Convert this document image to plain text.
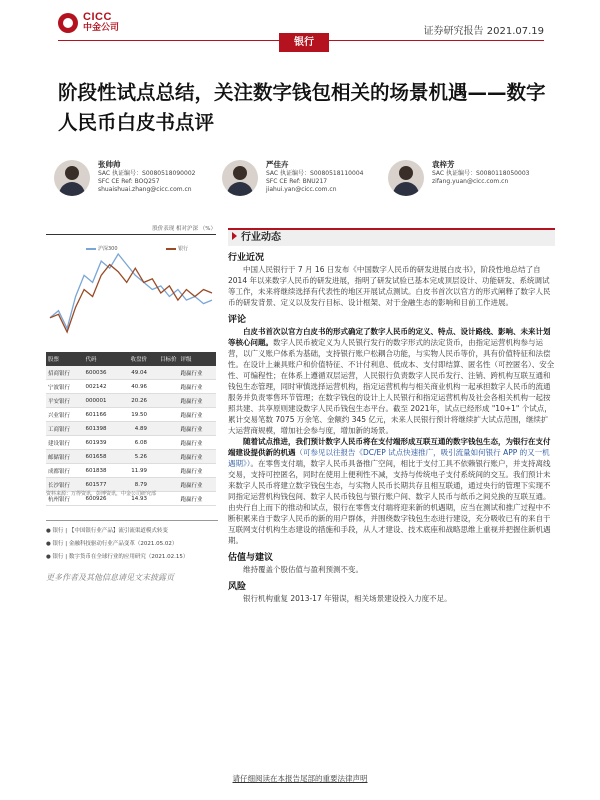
CICC
中金公司	证券研究报告 2021.07.19
银行
阶段性试点总结，关注数字钱包相关的场景机遇——数字人民币白皮书点评
张帅帅
SAC 执证编号：S0080518090002
SFC CE Ref: BOQ257
shuaishuai.zhang@cicc.com.cn
严佳卉
SAC 执证编号：S0080518110004
SFC CE Ref: BNU217
jiahui.yan@cicc.com.cn
袁梓芳
SAC 执证编号：S0080118050003
zifang.yuan@cicc.com.cn
股价表现 相对沪深 （%）
沪深300	银行
股票	代码	收盘价	目标价	评级
招商银行	600036	49.04		跑赢行业
宁波银行	002142	40.96		跑赢行业
平安银行	000001	20.26		跑赢行业
兴业银行	601166	19.50		跑赢行业
工商银行	601398	4.89		跑赢行业
建设银行	601939	6.08		跑赢行业
邮储银行	601658	5.26		跑赢行业
成都银行	601838	11.99		跑赢行业
长沙银行	601577	8.79		跑赢行业
杭州银行	600926	14.93		跑赢行业
资料来源：万得资讯，彭博资讯，中金公司研究部
● 银行 | 【中国银行业产品】流引流渠道模式转变
● 银行 | 金融科技驱动行业产品变革（2021.05.02）
● 银行 | 数字货币在全球行业的应用研究（2021.02.15）
更多作者及其他信息请见文末披露页
行业动态
行业近况

中国人民银行于 7 月 16 日发布《中国数字人民币的研发进展白皮书》，阶段性地总结了自 2014 年以来数字人民币的研发进展，指明了研发试验已基本完成顶层设计、功能研发、系统调试等工作，未来将继续选择有代表性的地区开展试点测试。白皮书首次以官方的形式阐释了数字人民币的研发背景、定义以及发行目标、设计框架、对于金融生态的影响和目前工作进展。

评论

白皮书首次以官方白皮书的形式确定了数字人民币的定义、特点、设计路线、影响、未来计划等核心问题。数字人民币被定义为人民银行发行的数字形式的法定货币，由指定运营机构参与运营，以广义账户体系为基础，支持银行账户松耦合功能，与实物人民币等价，具有价值特征和法偿性。在设计上兼具账户和价值特征、不计付利息、低成本、支付即结算、匿名性（可控匿名）、安全性、可编程性；在体系上遵循双层运营，人民银行负责数字人民币发行、注销、跨机构互联互通和钱包生态管理，同时审慎选择运营机构，指定运营机构与相关商业机构一起承担数字人民币的流通服务并负责零售环节管理；在数字钱包的设计上人民银行和指定运营机构及社会各相关机构一起按照共建、共享原则建设数字人民币钱包生态平台。截至 2021年，试点已经形成 "10+1" 个试点，累计交易笔数 7075 万余笔、金额约 345 亿元，未来人民银行预计将继续扩大试点范围，继续扩大运营商规模，增加社会参与度，增加新的场景。

随着试点推进，我们预计数字人民币将在支付端形成互联互通的数字钱包生态，为银行在支付端建设提供新的机遇（可参见以往报告《DC/EP 试点快速推广，吸引流量如何银行 APP 的又一机遇期》）。在零售支付端，数字人民币具备推广空间，相比于支付工具不依赖银行账户，并支持离线交易，支持可控匿名，同时在使用上便利性不减，支持与传统电子支付系统间的交互。我们预计未来数字人民币将建立数字钱包生态，与实物人民币长期共存且相互联通，通过央行的管理下实现不同指定运营机构钱包间、数字人民币钱包与银行账户间、数字人民币与纸币之间兑换的互联互通。由央行自上而下的推动和试点，银行在零售支付端将迎来新的机遇期，应当在测试和推广过程中不断积累来自于数字人民币的新的用户群体，并围绕数字钱包生态进行建设，充分吸收已有的来自于互联网支付机构生态建设的措施和手段，从人才建设、技术底座和战略思维上重视并把握住新机遇期。

估值与建议

维持覆盖个股估值与盈利预测不变。

风险

银行机构重复 2013-17 年错误，相关场景建设投入力度不足。

请仔细阅读在本报告尾部的重要法律声明
